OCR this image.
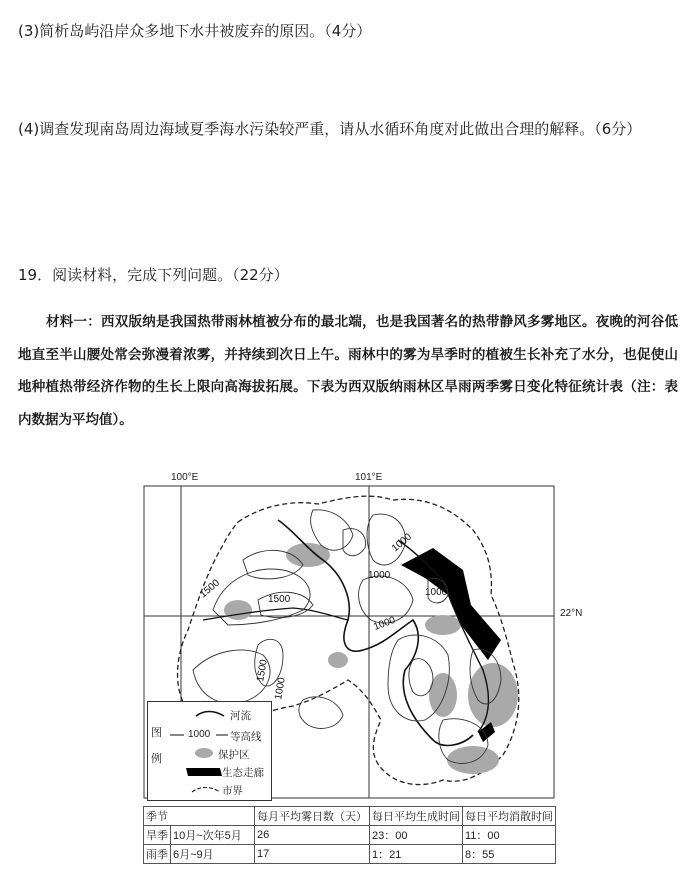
(3)简析岛屿沿岸众多地下水井被废弃的原因。（4分）
(4)调查发现南岛周边海域夏季海水污染较严重，请从水循环角度对此做出合理的解释。（6分）
19．阅读材料，完成下列问题。（22分）
材料一：西双版纳是我国热带雨林植被分布的最北端，也是我国著名的热带静风多雾地区。夜晚的河谷低地直至半山腰处常会弥漫着浓雾，并持续到次日上午。雨林中的雾为旱季时的植被生长补充了水分，也促使山地种植热带经济作物的生长上限向高海拔拓展。下表为西双版纳雨林区旱雨两季雾日变化特征统计表（注：表内数据为平均值）。
1000
1000
1000
1000
1500	1500
1500
1000
100°E	101°E
22°N
图
例
1000
河流
等高线
保护区
生态走廊
市界
季节		每月平均雾日数（天）	每日平均生成时间	每日平均消散时间
旱季	10月~次年5月	26	23：00	11：00
雨季	6月~9月	17	1：21	8：55
